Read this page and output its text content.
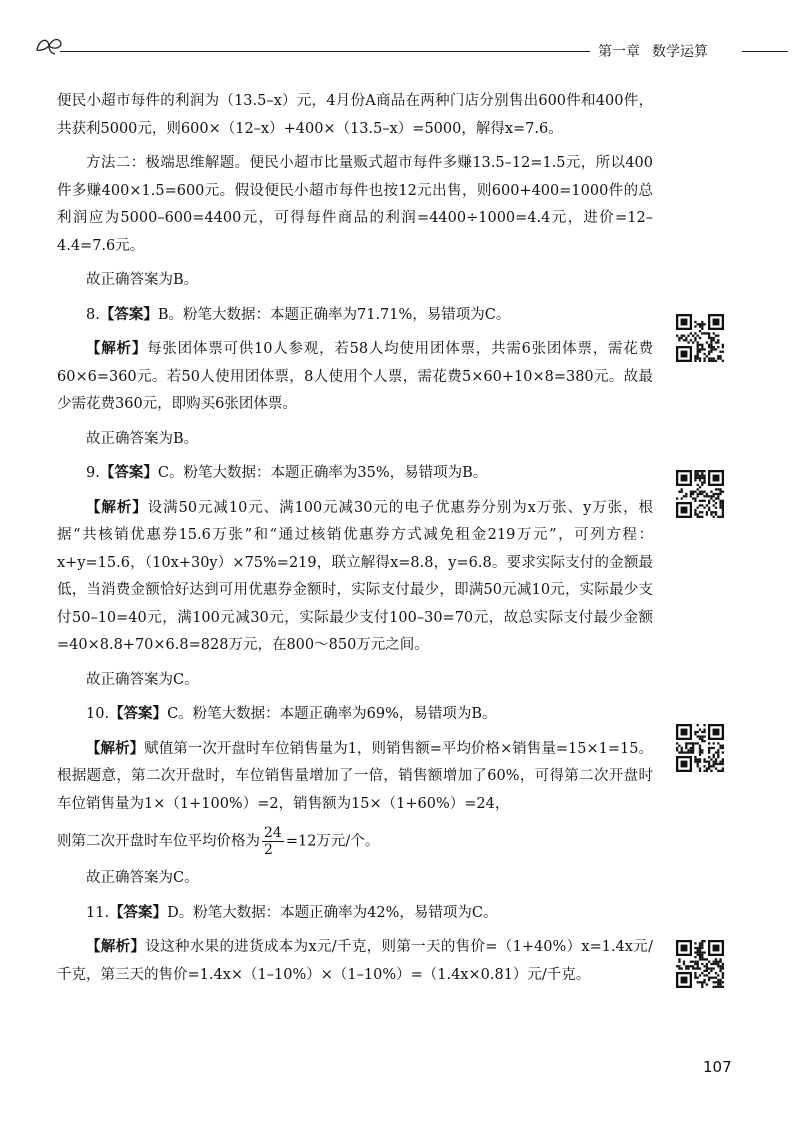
第一章 数学运算

便民小超市每件的利润为（13.5–x）元，4月份A商品在两种门店分别售出600件和400件，共获利5000元，则600×（12–x）+400×（13.5–x）=5000，解得x=7.6。

方法二：极端思维解题。便民小超市比量贩式超市每件多赚13.5–12=1.5元，所以400件多赚400×1.5=600元。假设便民小超市每件也按12元出售，则600+400=1000件的总利润应为5000–600=4400元，可得每件商品的利润=4400÷1000=4.4元，进价=12–4.4=7.6元。

故正确答案为B。

8.【答案】B。粉笔大数据：本题正确率为71.71%，易错项为C。

【解析】每张团体票可供10人参观，若58人均使用团体票，共需6张团体票，需花费60×6=360元。若50人使用团体票，8人使用个人票，需花费5×60+10×8=380元。故最少需花费360元，即购买6张团体票。

故正确答案为B。

9.【答案】C。粉笔大数据：本题正确率为35%，易错项为B。

【解析】设满50元减10元、满100元减30元的电子优惠券分别为x万张、y万张，根据“共核销优惠券15.6万张”和“通过核销优惠券方式减免租金219万元”，可列方程：x+y=15.6，（10x+30y）×75%=219，联立解得x=8.8，y=6.8。要求实际支付的金额最低，当消费金额恰好达到可用优惠券金额时，实际支付最少，即满50元减10元，实际最少支付50–10=40元，满100元减30元，实际最少支付100–30=70元，故总实际支付最少金额=40×8.8+70×6.8=828万元，在800～850万元之间。

故正确答案为C。

10.【答案】C。粉笔大数据：本题正确率为69%，易错项为B。

【解析】赋值第一次开盘时车位销售量为1，则销售额=平均价格×销售量=15×1=15。根据题意，第二次开盘时，车位销售量增加了一倍，销售额增加了60%，可得第二次开盘时车位销售量为1×（1+100%）=2，销售额为15×（1+60%）=24，

则第二次开盘时车位平均价格为 $\frac{24}{2} =12$万元/个。

故正确答案为C。

11.【答案】D。粉笔大数据：本题正确率为42%，易错项为C。

【解析】设这种水果的进货成本为x元/千克，则第一天的售价=（1+40%）x=1.4x元/千克，第三天的售价=1.4x×（1–10%）×（1–10%）=（1.4x×0.81）元/千克。

107
